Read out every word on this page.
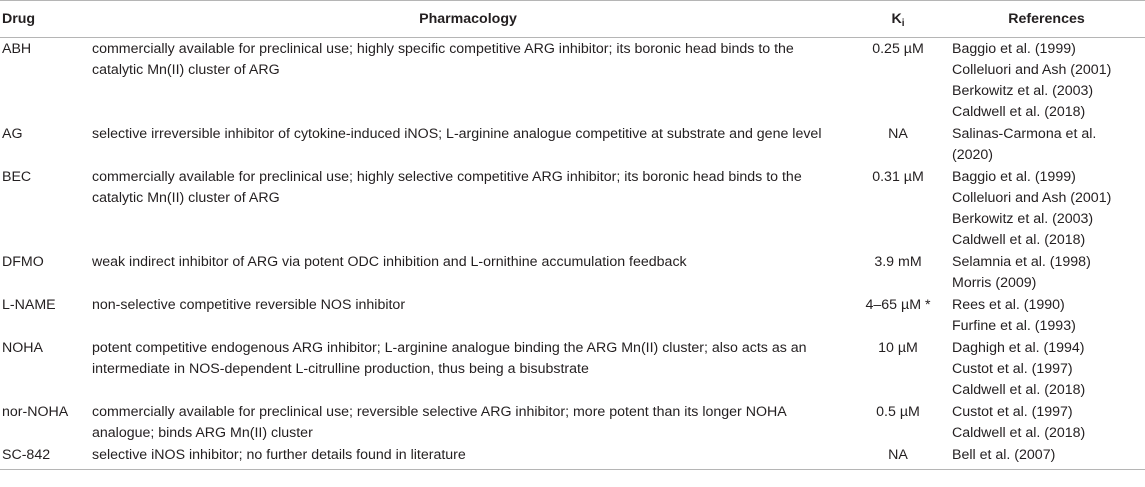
Drug	Pharmacology	$K_i$	References
ABH	commercially available for preclinical use; highly specific competitive ARG inhibitor; its boronic head binds to the catalytic Mn(II) cluster of ARG	0.25 µM	Baggio et al. (1999)
Colleluori and Ash (2001)
Berkowitz et al. (2003)
Caldwell et al. (2018)

AG	selective irreversible inhibitor of cytokine-induced iNOS; L-arginine analogue competitive at substrate and gene level	NA	Salinas-Carmona et al.
(2020)

BEC	commercially available for preclinical use; highly selective competitive ARG inhibitor; its boronic head binds to the catalytic Mn(II) cluster of ARG	0.31 µM	Baggio et al. (1999)
Colleluori and Ash (2001)
Berkowitz et al. (2003)
Caldwell et al. (2018)

DFMO	weak indirect inhibitor of ARG via potent ODC inhibition and L-ornithine accumulation feedback	3.9 mM	Selamnia et al. (1998)
Morris (2009)

L-NAME	non-selective competitive reversible NOS inhibitor	4–65 µM *	Rees et al. (1990)
Furfine et al. (1993)

NOHA	potent competitive endogenous ARG inhibitor; L-arginine analogue binding the ARG Mn(II) cluster; also acts as an intermediate in NOS-dependent L-citrulline production, thus being a bisubstrate	10 µM	Daghigh et al. (1994)
Custot et al. (1997)
Caldwell et al. (2018)

nor-NOHA	commercially available for preclinical use; reversible selective ARG inhibitor; more potent than its longer NOHA analogue; binds ARG Mn(II) cluster	0.5 µM	Custot et al. (1997)
Caldwell et al. (2018)

SC-842	selective iNOS inhibitor; no further details found in literature	NA	Bell et al. (2007)
